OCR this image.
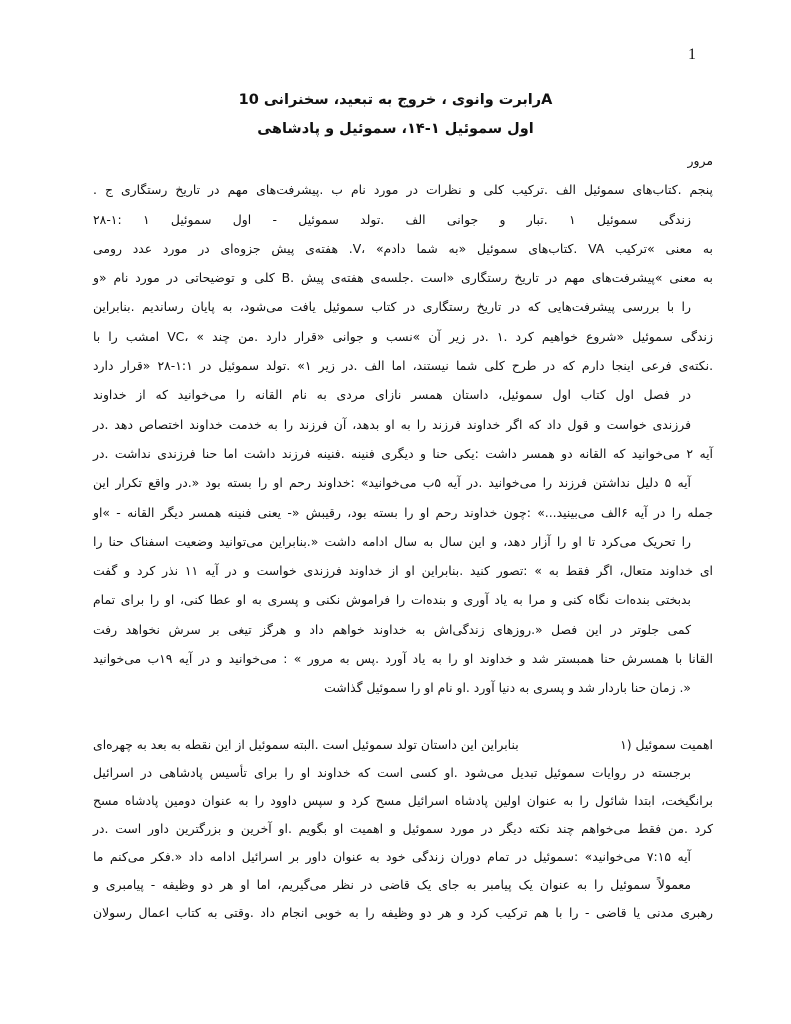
1
Aرابرت وانوی ، خروج به تبعید، سخنرانی 10
اول سموئیل ۱-۱۴، سموئیل و پادشاهی
مرور
پنجم .کتاب‌های سموئیل الف .ترکیب کلی و نظرات در مورد نام ب .پیشرفت‌های مهم در تاریخ رستگاری ج .
زندگی سموئیل ۱ .تبار و جوانی الف .تولد سموئیل - اول سموئیل ۱ :۱-۲۸
به معنی »ترکیب VA .کتاب‌های سموئیل «به شما دادم» ،V. هفته‌ی پیش جزوه‌ای در مورد عدد رومی
به معنی »پیشرفت‌های مهم در تاریخ رستگاری «است .جلسه‌ی هفته‌ی پیش .B کلی و توضیحاتی در مورد نام «و
را با بررسی پیشرفت‌هایی که در تاریخ رستگاری در کتاب سموئیل یافت می‌شود، به پایان رساندیم .بنابراین
زندگی سموئیل «شروع خواهیم کرد .۱ .در زیر آن »نسب و جوانی «قرار دارد .من چند » ،VC امشب را با
.نکته‌ی فرعی اینجا دارم که در طرح کلی شما نیستند، اما الف .در زیر ۱» .تولد سموئیل در ۱:۱-۲۸ «قرار دارد
در فصل اول کتاب اول سموئیل، داستان همسر نازای مردی به نام القانه را می‌خوانید که از خداوند
فرزندی خواست و قول داد که اگر خداوند فرزند را به او بدهد، آن فرزند را به خدمت خداوند اختصاص دهد .در
آیه ۲ می‌خوانید که القانه دو همسر داشت :یکی حنا و دیگری فنینه .فنینه فرزند داشت اما حنا فرزندی نداشت .در
آیه ۵ دلیل نداشتن فرزند را می‌خوانید .در آیه ۵ب می‌خوانید» :خداوند رحم او را بسته بود «.در واقع تکرار این
جمله را در آیه ۶الف می‌بینید...» :چون خداوند رحم او را بسته بود، رقیبش «- یعنی فنینه همسر دیگر القانه - »او
را تحریک می‌کرد تا او را آزار دهد، و این سال به سال ادامه داشت «.بنابراین می‌توانید وضعیت اسفناک حنا را
ای خداوند متعال، اگر فقط به » :تصور کنید .بنابراین او از خداوند فرزندی خواست و در آیه ۱۱ نذر کرد و گفت
بدبختی بنده‌ات نگاه کنی و مرا به یاد آوری و بنده‌ات را فراموش نکنی و پسری به او عطا کنی، او را برای تمام
کمی جلوتر در این فصل «.روزهای زندگی‌اش به خداوند خواهم داد و هرگز تیغی بر سرش نخواهد رفت
القانا با همسرش حنا همبستر شد و خداوند او را به یاد آورد .پس به مرور » : می‌خوانید و در آیه ۱۹ب می‌خوانید
«. زمان حنا باردار شد و پسری به دنیا آورد .او نام او را سموئیل گذاشت
اهمیت سموئیل (۱
بنابراین این داستان تولد سموئیل است .البته سموئیل از این نقطه به بعد به چهره‌ای
برجسته در روایات سموئیل تبدیل می‌شود .او کسی است که خداوند او را برای تأسیس پادشاهی در اسرائیل
برانگیخت، ابتدا شائول را به عنوان اولین پادشاه اسرائیل مسح کرد و سپس داوود را به عنوان دومین پادشاه مسح
کرد .من فقط می‌خواهم چند نکته دیگر در مورد سموئیل و اهمیت او بگویم .او آخرین و بزرگترین داور است .در
آیه ۷:۱۵ می‌خوانید» :سموئیل در تمام دوران زندگی خود به عنوان داور بر اسرائیل ادامه داد «.فکر می‌کنم ما
معمولاً سموئیل را به عنوان یک پیامبر به جای یک قاضی در نظر می‌گیریم، اما او هر دو وظیفه - پیامبری و
رهبری مدنی یا قاضی - را با هم ترکیب کرد و هر دو وظیفه را به خوبی انجام داد .وقتی به کتاب اعمال رسولان
